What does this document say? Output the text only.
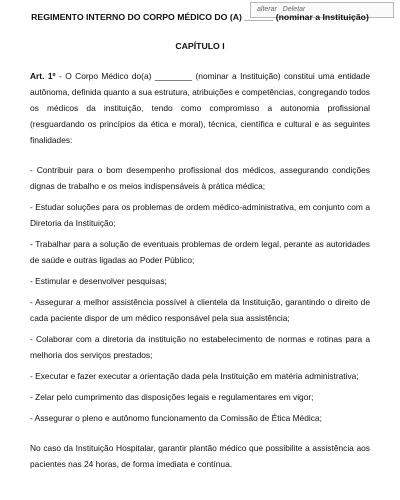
alterar Deletar
REGIMENTO INTERNO DO CORPO MÉDICO DO (A) ______ (nominar a Instituição)
CAPÍTULO I

Art. 1º - O Corpo Médico do(a) ________ (nominar a Instituição) constitui uma entidade autônoma, definida quanto a sua estrutura, atribuições e competências, congregando todos os médicos da instituição, tendo como compromisso a autonomia profissional (resguardando os princípios da ética e moral), técnica, científica e cultural e as seguintes finalidades:

- Contribuir para o bom desempenho profissional dos médicos, assegurando condições dignas de trabalho e os meios indispensáveis à prática médica;

- Estudar soluções para os problemas de ordem médico-administrativa, em conjunto com a Diretoria da Instituição;

- Trabalhar para a solução de eventuais problemas de ordem legal, perante as autoridades de saúde e outras ligadas ao Poder Público;

- Estimular e desenvolver pesquisas;

- Assegurar a melhor assistência possível à clientela da Instituição, garantindo o direito de cada paciente dispor de um médico responsável pela sua assistência;

- Colaborar com a diretoria da instituição no estabelecimento de normas e rotinas para a melhoria dos serviços prestados;

- Executar e fazer executar a orientação dada pela Instituição em matéria administrativa;

- Zelar pelo cumprimento das disposições legais e regulamentares em vigor;

- Assegurar o pleno e autônomo funcionamento da Comissão de Ética Médica;

No caso da Instituição Hospitalar, garantir plantão médico que possibilite a assistência aos pacientes nas 24 horas, de forma imediata e contínua.
